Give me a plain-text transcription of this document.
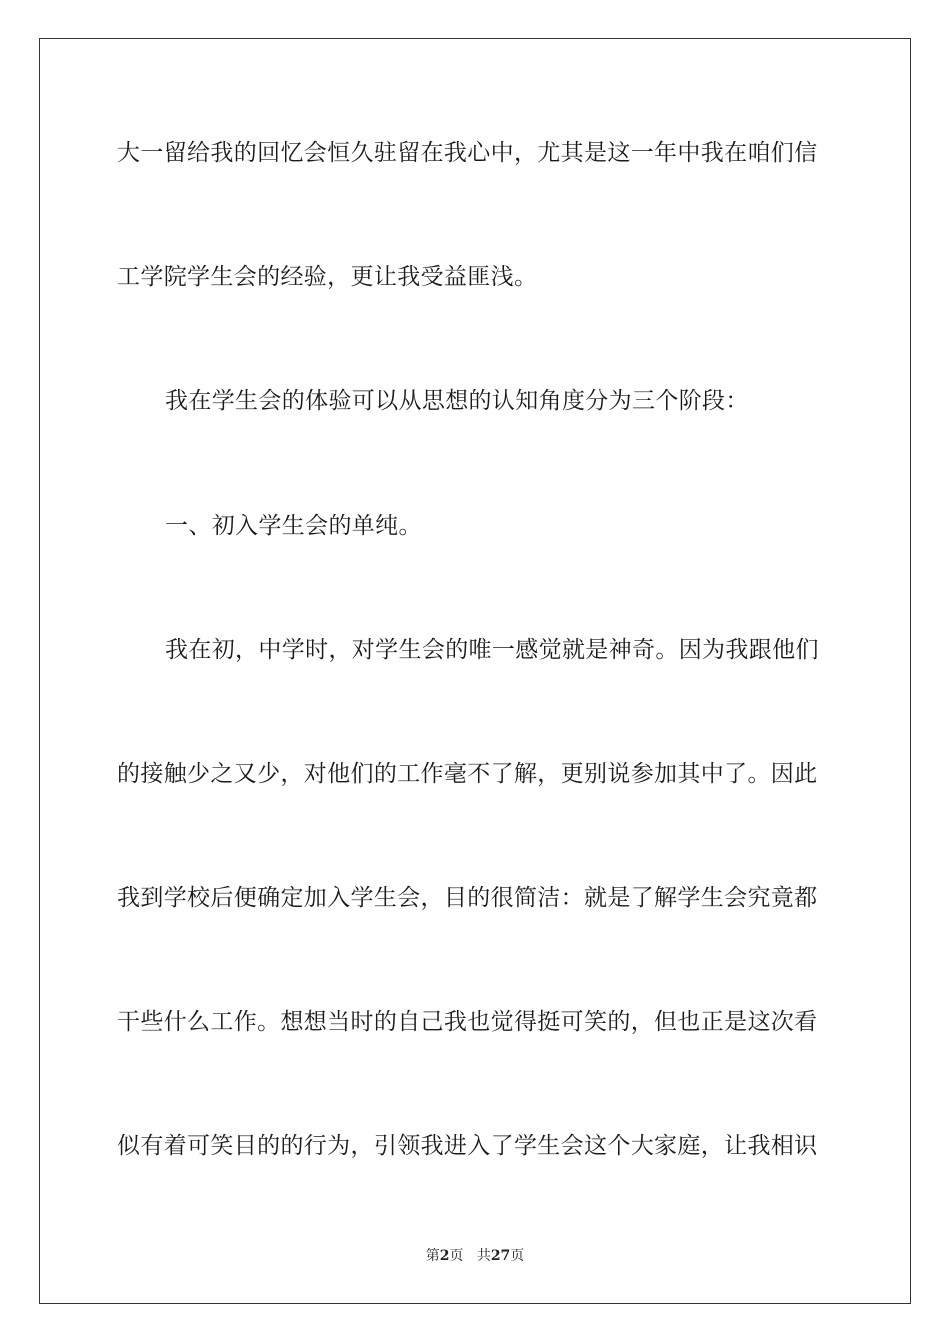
大一留给我的回忆会恒久驻留在我心中，尤其是这一年中我在咱们信
工学院学生会的经验，更让我受益匪浅。
我在学生会的体验可以从思想的认知角度分为三个阶段：
一、初入学生会的单纯。
我在初，中学时，对学生会的唯一感觉就是神奇。因为我跟他们
的接触少之又少，对他们的工作毫不了解，更别说参加其中了。因此
我到学校后便确定加入学生会，目的很简洁：就是了解学生会究竟都
干些什么工作。想想当时的自己我也觉得挺可笑的，但也正是这次看
似有着可笑目的的行为，引领我进入了学生会这个大家庭，让我相识
第2页 共27页
